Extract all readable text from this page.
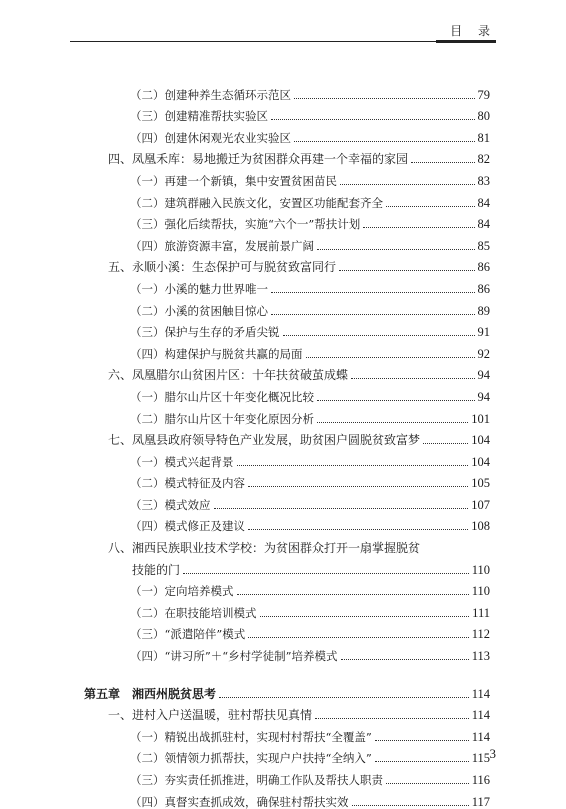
目 录
（二）创建种养生态循环示范区	79
（三）创建精准帮扶实验区	80
（四）创建休闲观光农业实验区	81
四、凤凰禾库：易地搬迁为贫困群众再建一个幸福的家园	82
（一）再建一个新镇，集中安置贫困苗民	83
（二）建筑群融入民族文化，安置区功能配套齐全	84
（三）强化后续帮扶，实施“六个一”帮扶计划	84
（四）旅游资源丰富，发展前景广阔	85
五、永顺小溪：生态保护可与脱贫致富同行	86
（一）小溪的魅力世界唯一	86
（二）小溪的贫困触目惊心	89
（三）保护与生存的矛盾尖锐	91
（四）构建保护与脱贫共赢的局面	92
六、凤凰腊尔山贫困片区：十年扶贫破茧成蝶	94
（一）腊尔山片区十年变化概况比较	94
（二）腊尔山片区十年变化原因分析	101
七、凤凰县政府领导特色产业发展，助贫困户圆脱贫致富梦	104
（一）模式兴起背景	104
（二）模式特征及内容	105
（三）模式效应	107
（四）模式修正及建议	108
八、湘西民族职业技术学校：为贫困群众打开一扇掌握脱贫
技能的门	110
（一）定向培养模式	110
（二）在职技能培训模式	111
（三）“派遣陪伴”模式	112
（四）“讲习所”＋“乡村学徒制”培养模式	113
第五章　湘西州脱贫思考	114
一、进村入户送温暖，驻村帮扶见真情	114
（一）精锐出战抓驻村，实现村村帮扶“全覆盖”	114
（二）领情领力抓帮扶，实现户户扶持“全纳入”	115
（三）夯实责任抓推进，明确工作队及帮扶人职责	116
（四）真督实查抓成效，确保驻村帮扶实效	117
3
